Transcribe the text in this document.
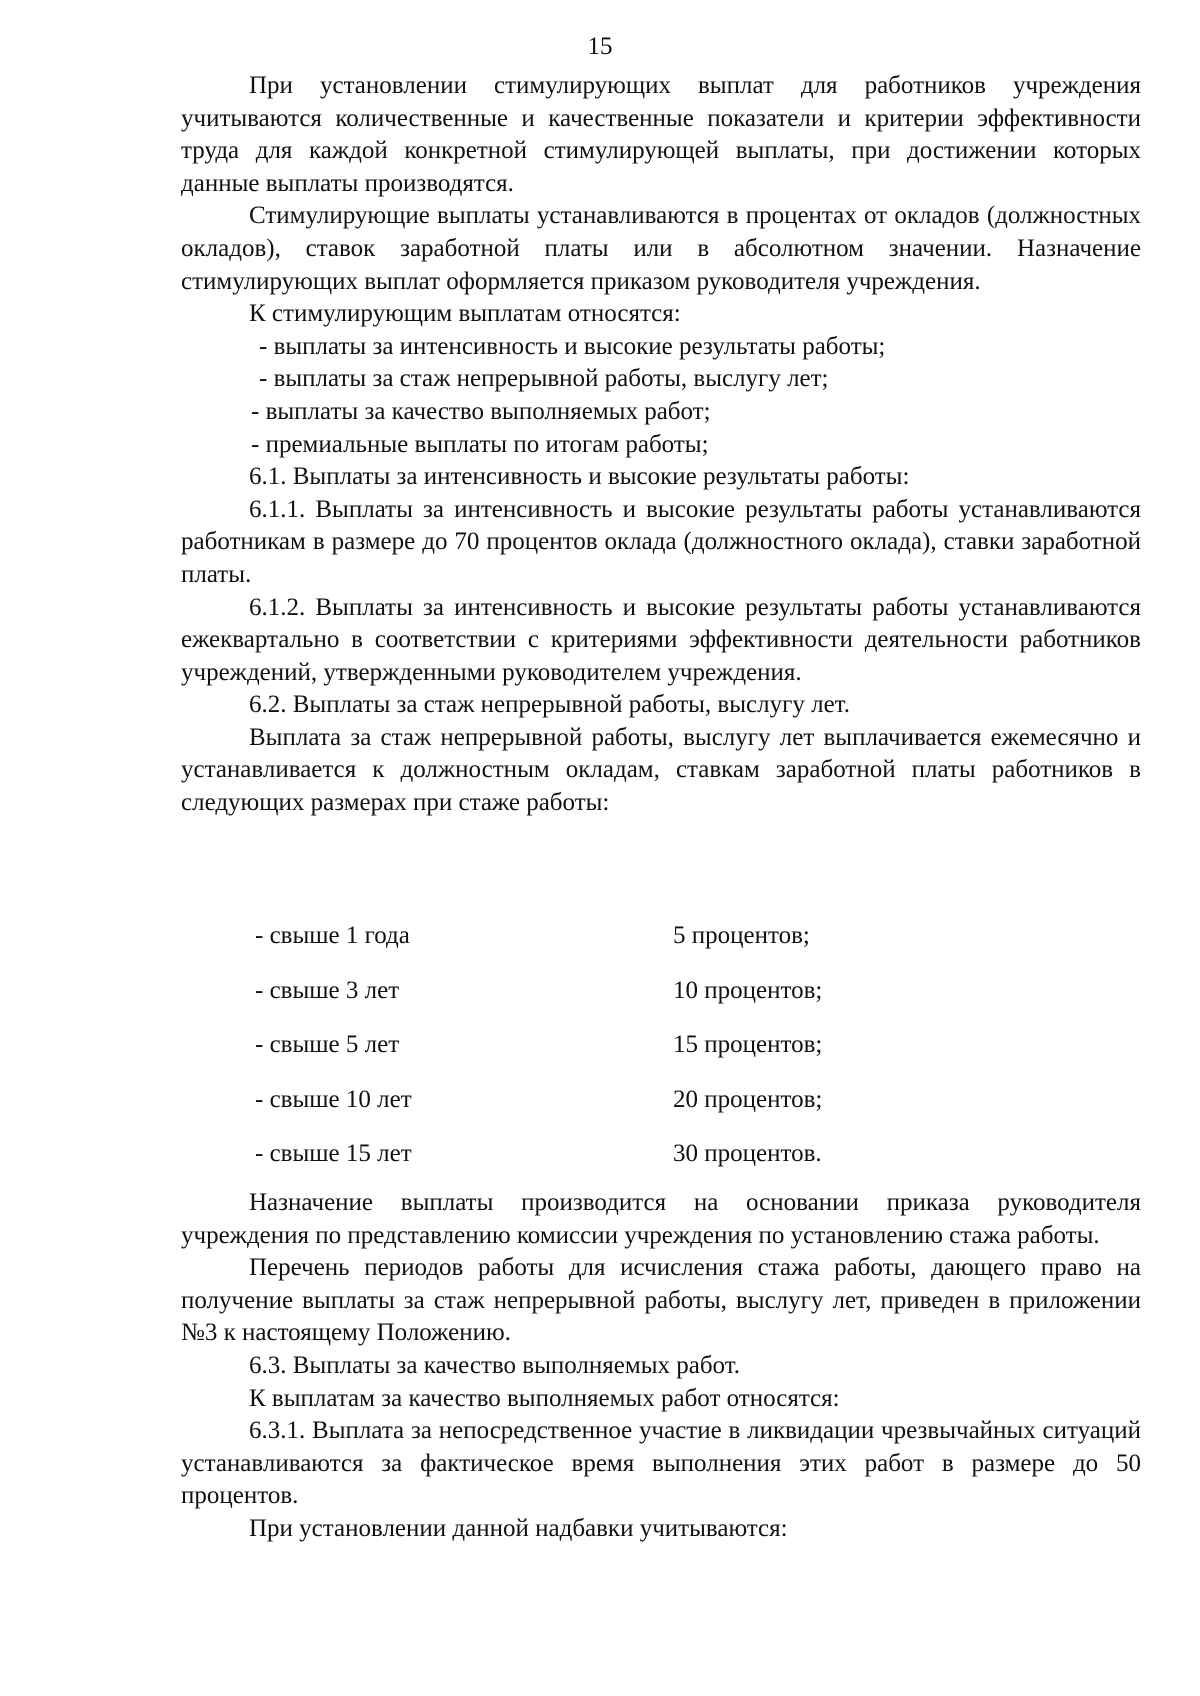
15

При установлении стимулирующих выплат для работников учреждения учитываются количественные и качественные показатели и критерии эффективности труда для каждой конкретной стимулирующей выплаты, при достижении которых данные выплаты производятся.

Стимулирующие выплаты устанавливаются в процентах от окладов (должностных окладов), ставок заработной платы или в абсолютном значении. Назначение стимулирующих выплат оформляется приказом руководителя учреждения.

К стимулирующим выплатам относятся:

- выплаты за интенсивность и высокие результаты работы;

- выплаты за стаж непрерывной работы, выслугу лет;

- выплаты за качество выполняемых работ;

- премиальные выплаты по итогам работы;

6.1. Выплаты за интенсивность и высокие результаты работы:

6.1.1. Выплаты за интенсивность и высокие результаты работы устанавливаются работникам в размере до 70 процентов оклада (должностного оклада), ставки заработной платы.

6.1.2. Выплаты за интенсивность и высокие результаты работы устанавливаются ежеквартально в соответствии с критериями эффективности деятельности работников учреждений, утвержденными руководителем учреждения.

6.2. Выплаты за стаж непрерывной работы, выслугу лет.

Выплата за стаж непрерывной работы, выслугу лет выплачивается ежемесячно и устанавливается к должностным окладам, ставкам заработной платы работников в следующих размерах при стаже работы:

- свыше 1 года	5 процентов;
- свыше 3 лет	10 процентов;
- свыше 5 лет	15 процентов;
- свыше 10 лет	20 процентов;
- свыше 15 лет	30 процентов.

Назначение выплаты производится на основании приказа руководителя учреждения по представлению комиссии учреждения по установлению стажа работы.

Перечень периодов работы для исчисления стажа работы, дающего право на получение выплаты за стаж непрерывной работы, выслугу лет, приведен в приложении №3 к настоящему Положению.

6.3. Выплаты за качество выполняемых работ.

К выплатам за качество выполняемых работ относятся:

6.3.1. Выплата за непосредственное участие в ликвидации чрезвычайных ситуаций устанавливаются за фактическое время выполнения этих работ в размере до 50 процентов.

При установлении данной надбавки учитываются:
